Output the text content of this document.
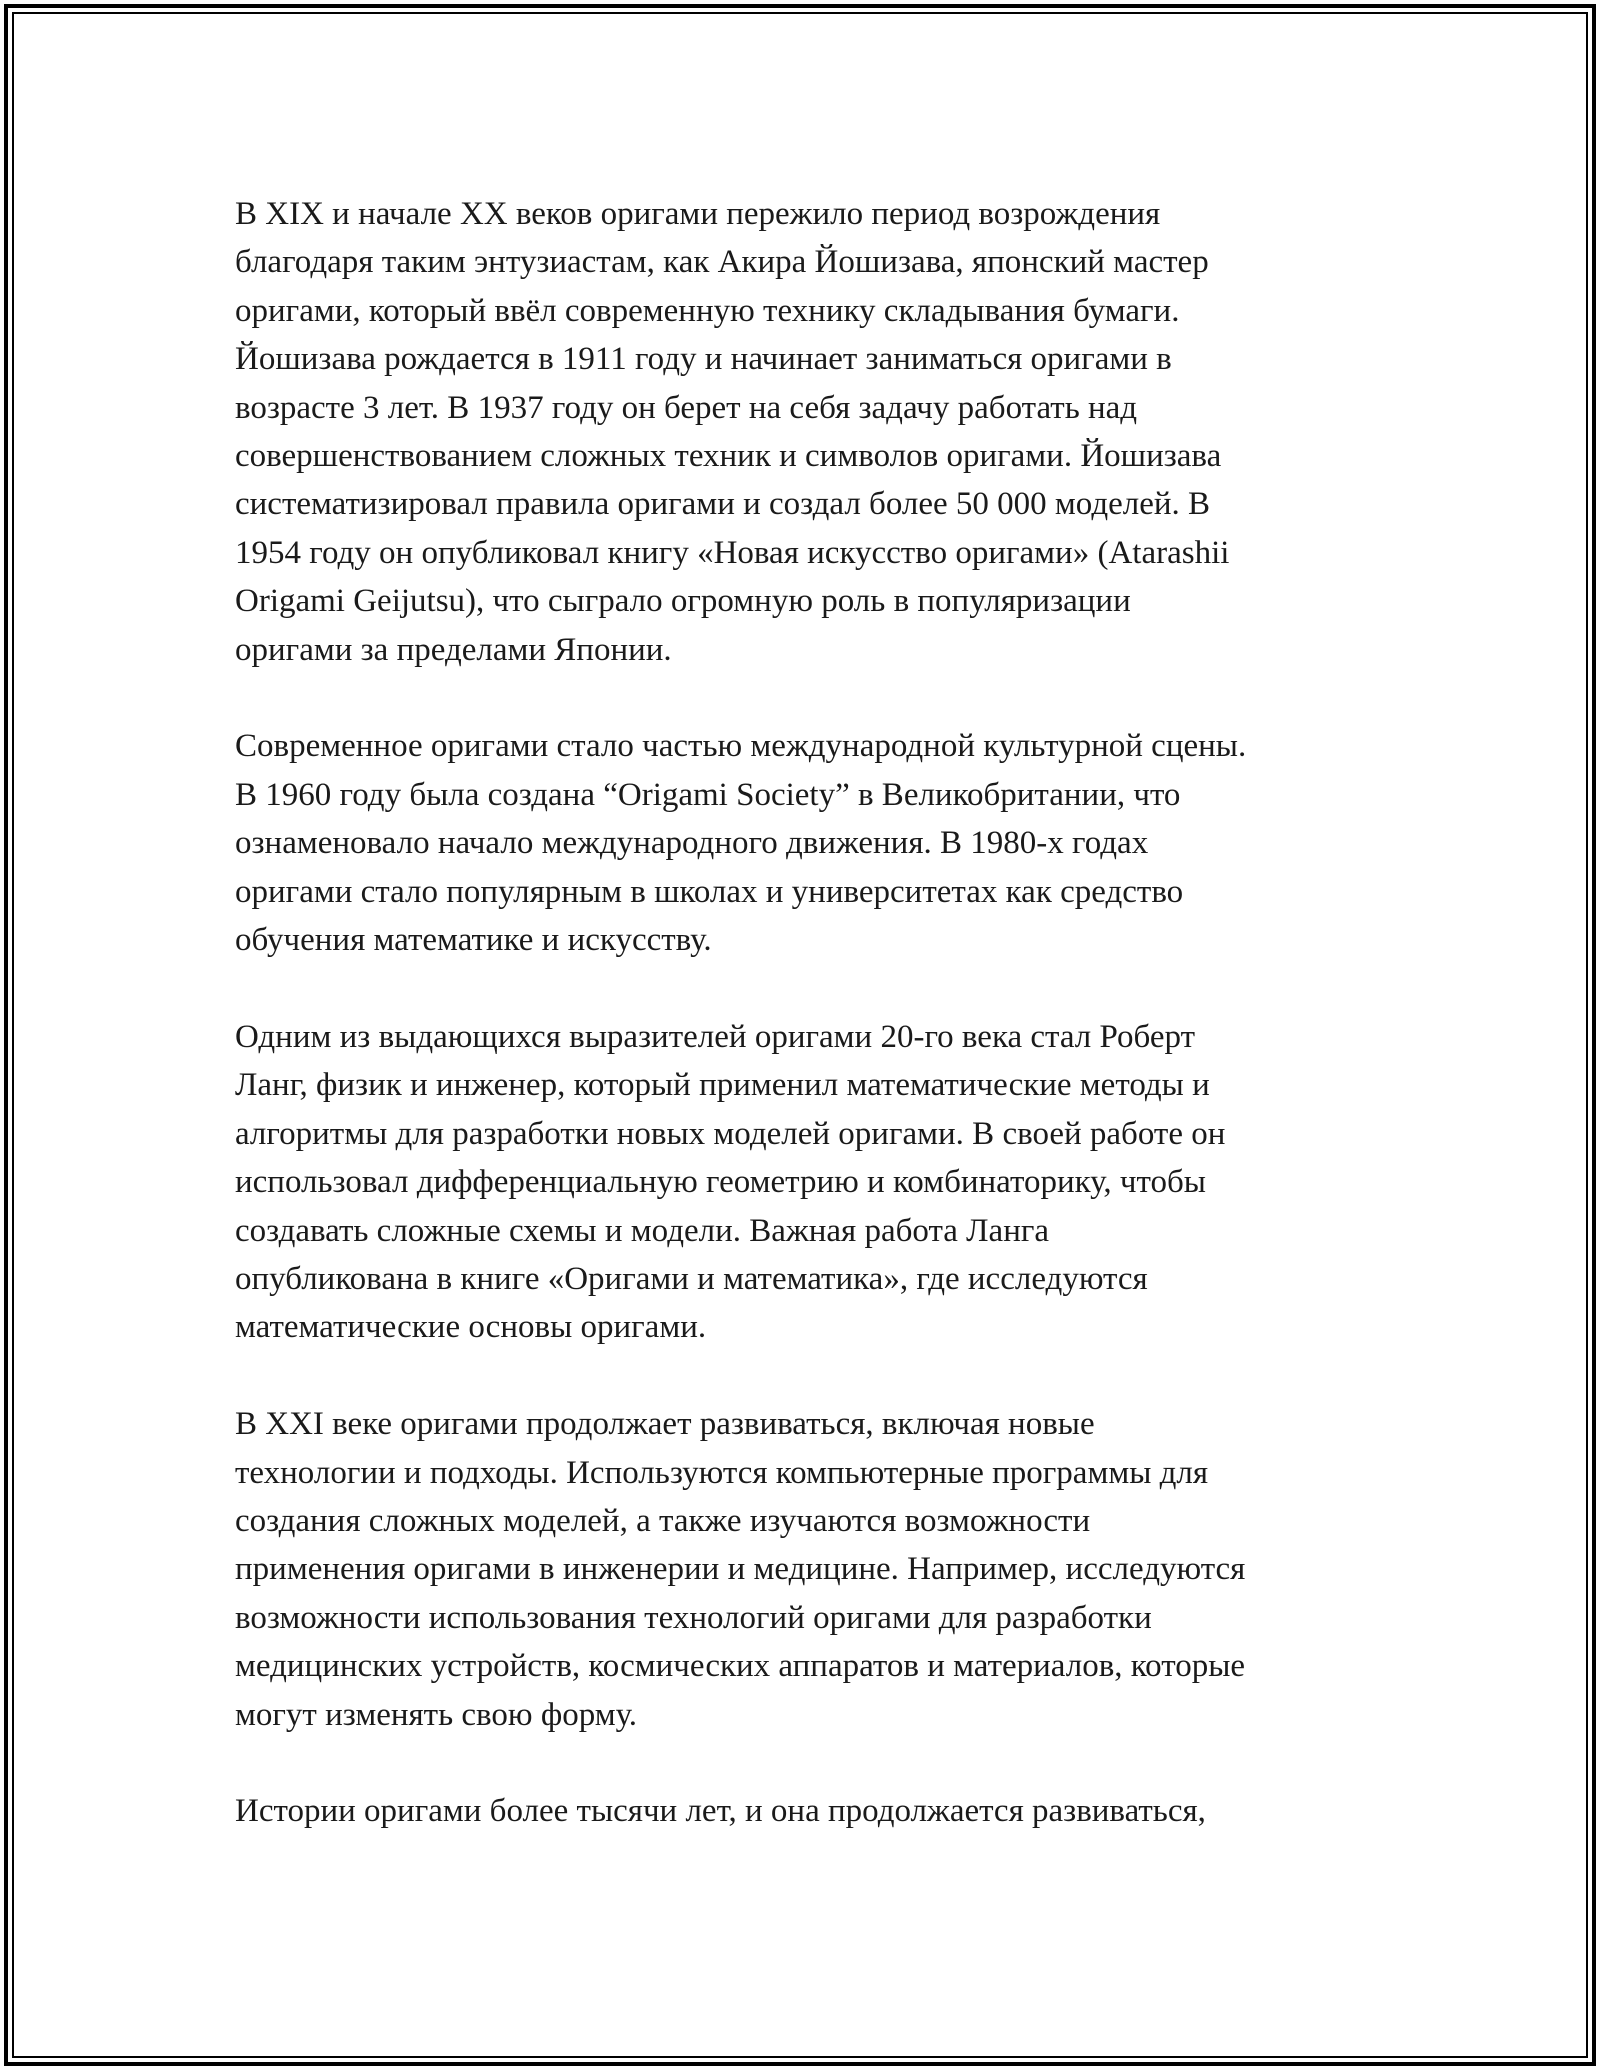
В XIX и начале XX веков оригами пережило период возрождения
благодаря таким энтузиастам, как Акира Йошизава, японский мастер
оригами, который ввёл современную технику складывания бумаги.
Йошизава рождается в 1911 году и начинает заниматься оригами в
возрасте 3 лет. В 1937 году он берет на себя задачу работать над
совершенствованием сложных техник и символов оригами. Йошизава
систематизировал правила оригами и создал более 50 000 моделей. В
1954 году он опубликовал книгу «Новая искусство оригами» (Atarashii
Origami Geijutsu), что сыграло огромную роль в популяризации
оригами за пределами Японии.

Современное оригами стало частью международной культурной сцены.
В 1960 году была создана “Origami Society” в Великобритании, что
ознаменовало начало международного движения. В 1980-х годах
оригами стало популярным в школах и университетах как средство
обучения математике и искусству.

Одним из выдающихся выразителей оригами 20-го века стал Роберт
Ланг, физик и инженер, который применил математические методы и
алгоритмы для разработки новых моделей оригами. В своей работе он
использовал дифференциальную геометрию и комбинаторику, чтобы
создавать сложные схемы и модели. Важная работа Ланга
опубликована в книге «Оригами и математика», где исследуются
математические основы оригами.

В XXI веке оригами продолжает развиваться, включая новые
технологии и подходы. Используются компьютерные программы для
создания сложных моделей, а также изучаются возможности
применения оригами в инженерии и медицине. Например, исследуются
возможности использования технологий оригами для разработки
медицинских устройств, космических аппаратов и материалов, которые
могут изменять свою форму.

Истории оригами более тысячи лет, и она продолжается развиваться,
